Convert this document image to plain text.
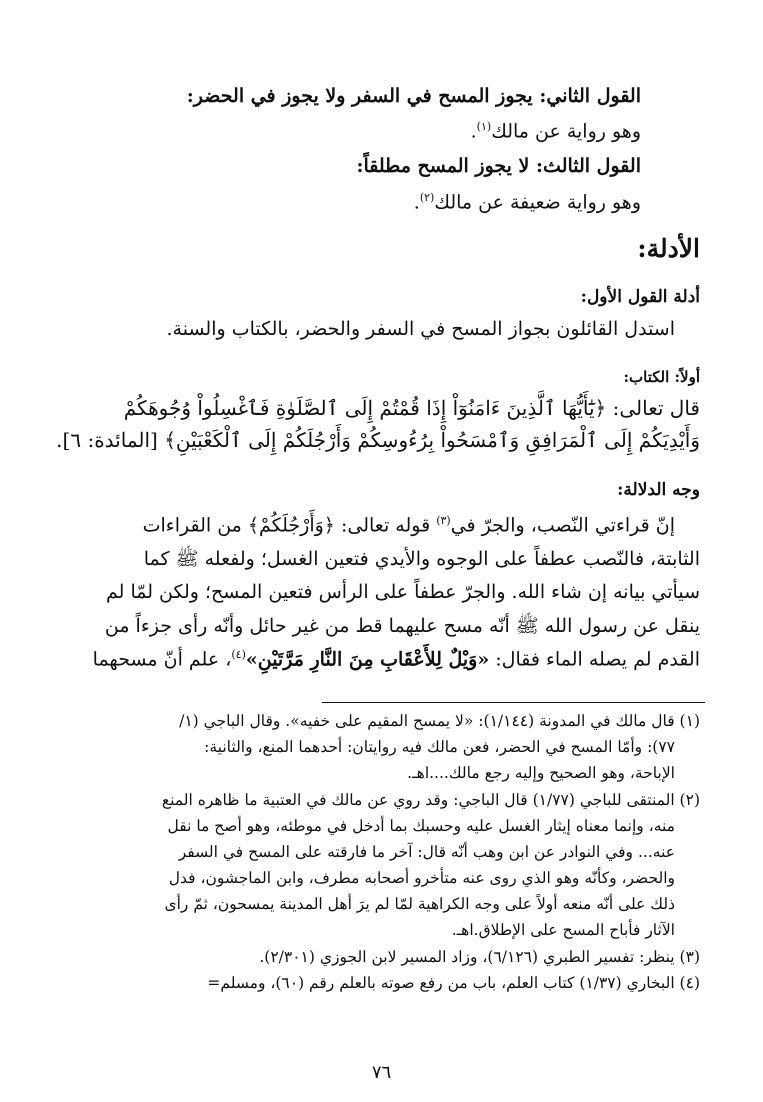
القول الثاني: يجوز المسح في السفر ولا يجوز في الحضر:
وهو رواية عن مالك$^{(١)}$.
القول الثالث: لا يجوز المسح مطلقاً:
وهو رواية ضعيفة عن مالك$^{(٢)}$.
الأدلة:
أدلة القول الأول:
استدل القائلون بجواز المسح في السفر والحضر، بالكتاب والسنة.
أولاً: الكتاب:
قال تعالى: ﴿يَٰٓأَيُّهَا ٱلَّذِينَ ءَامَنُوٓاْ إِذَا قُمْتُمْ إِلَى ٱلصَّلَوٰةِ فَٱغْسِلُواْ وُجُوهَكُمْ
وَأَيْدِيَكُمْ إِلَى ٱلْمَرَافِقِ وَٱمْسَحُواْ بِرُءُوسِكُمْ وَأَرْجُلَكُمْ إِلَى ٱلْكَعْبَيْنِ﴾ [المائدة: ٦].
وجه الدلالة:
إنّ قراءتي النّصب، والجرّ في$^{(٣)}$ قوله تعالى: ﴿وَأَرْجُلَكُمْ﴾ من القراءات
الثابتة، فالنّصب عطفاً على الوجوه والأيدي فتعين الغسل؛ ولفعله ﷺ كما
سيأتي بيانه إن شاء الله. والجرّ عطفاً على الرأس فتعين المسح؛ ولكن لمّا لم
ينقل عن رسول الله ﷺ أنّه مسح عليهما قط من غير حائل وأنّه رأى جزءاً من
القدم لم يصله الماء فقال: «وَيْلٌ لِلأَعْقَابِ مِنَ النَّارِ مَرَّتَيْنِ»$^{(٤)}$، علم أنّ مسحهما
(١) قال مالك في المدونة (١/١٤٤): «لا يمسح المقيم على خفيه». وقال الباجي (١/
٧٧): وأمّا المسح في الحضر، فعن مالك فيه روايتان: أحدهما المنع، والثانية:
الإباحة، وهو الصحيح وإليه رجع مالك....اهـ.
(٢) المنتقى للباجي (١/٧٧) قال الباجي: وقد روي عن مالك في العتبية ما ظاهره المنع
منه، وإنما معناه إيثار الغسل عليه وحسبك بما أدخل في موطئه، وهو أصح ما نقل
عنه... وفي النوادر عن ابن وهب أنّه قال: آخر ما فارقته على المسح في السفر
والحضر، وكأنّه وهو الذي روى عنه متأخرو أصحابه مطرف، وابن الماجشون، فدل
ذلك على أنّه منعه أولاً على وجه الكراهية لمّا لم يرَ أهل المدينة يمسحون، ثمّ رأى
الآثار فأباح المسح على الإطلاق.اهـ.
(٣) ينظر: تفسير الطبري (٦/١٢٦)، وزاد المسير لابن الجوزي (٢/٣٠١).
(٤) البخاري (١/٣٧) كتاب العلم، باب من رفع صوته بالعلم رقم (٦٠)، ومسلم=
٧٦
